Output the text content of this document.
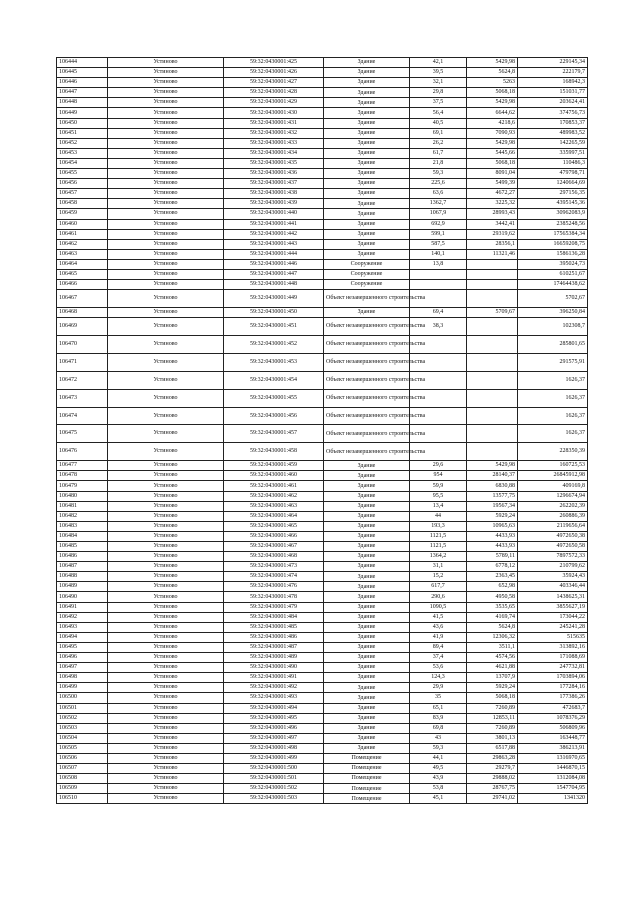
106444	Устиново	59:32:0430001:425	Здание	42,1	5429,98	229145,34
106445	Устиново	59:32:0430001:426	Здание	39,5	5624,8	222179,7
106446	Устиново	59:32:0430001:427	Здание	32,1	5263	168942,3
106447	Устиново	59:32:0430001:428	Здание	29,8	5068,18	151031,77
106448	Устиново	59:32:0430001:429	Здание	37,5	5429,98	203624,41
106449	Устиново	59:32:0430001:430	Здание	56,4	6644,62	374756,73
106450	Устиново	59:32:0430001:431	Здание	40,5	4218,6	170853,37
106451	Устиново	59:32:0430001:432	Здание	69,1	7090,93	489983,52
106452	Устиново	59:32:0430001:433	Здание	26,2	5429,98	142265,59
106453	Устиново	59:32:0430001:434	Здание	61,7	5445,66	335997,51
106454	Устиново	59:32:0430001:435	Здание	21,8	5068,18	110486,3
106455	Устиново	59:32:0430001:436	Здание	59,3	8091,04	479798,71
106456	Устиново	59:32:0430001:437	Здание	225,6	5499,39	1240664,69
106457	Устиново	59:32:0430001:438	Здание	63,6	4672,27	297156,35
106458	Устиново	59:32:0430001:439	Здание	1362,7	3225,32	4395145,36
106459	Устиново	59:32:0430001:440	Здание	1067,9	28993,43	30962083,9
106460	Устиново	59:32:0430001:441	Здание	692,9	3442,41	2385248,56
106461	Устиново	59:32:0430001:442	Здание	599,1	29319,62	17565384,34
106462	Устиново	59:32:0430001:443	Здание	587,5	28356,1	16659208,75
106463	Устиново	59:32:0430001:444	Здание	140,1	11321,46	1586136,28
106464	Устиново	59:32:0430001:446	Сооружение	13,8		395024,73
106465	Устиново	59:32:0430001:447	Сооружение			610251,67
106466	Устиново	59:32:0430001:448	Сооружение			17464438,62
106467	Устиново	59:32:0430001:449	Объект незавершенного строительства			5702,67
106468	Устиново	59:32:0430001:450	Здание	69,4	5709,67	396250,84
106469	Устиново	59:32:0430001:451	Объект незавершенного строительства	38,3		102308,7
106470	Устиново	59:32:0430001:452	Объект незавершенного строительства			285801,65
106471	Устиново	59:32:0430001:453	Объект незавершенного строительства			291575,91
106472	Устиново	59:32:0430001:454	Объект незавершенного строительства			1626,37
106473	Устиново	59:32:0430001:455	Объект незавершенного строительства			1626,37
106474	Устиново	59:32:0430001:456	Объект незавершенного строительства			1626,37
106475	Устиново	59:32:0430001:457	Объект незавершенного строительства			1626,37
106476	Устиново	59:32:0430001:458	Объект незавершенного строительства			228350,39
106477	Устиново	59:32:0430001:459	Здание	29,6	5429,98	160725,53
106478	Устиново	59:32:0430001:460	Здание	954	28140,37	26845912,98
106479	Устиново	59:32:0430001:461	Здание	59,9	6830,88	409169,8
106480	Устиново	59:32:0430001:462	Здание	95,5	13577,75	1296674,94
106481	Устиново	59:32:0430001:463	Здание	13,4	19567,34	262202,39
106482	Устиново	59:32:0430001:464	Здание	44	5929,24	260886,39
106483	Устиново	59:32:0430001:465	Здание	193,3	10965,63	2119656,64
106484	Устиново	59:32:0430001:466	Здание	1121,5	4433,93	4972650,38
106485	Устиново	59:32:0430001:467	Здание	1121,5	4433,93	4972650,58
106486	Устиново	59:32:0430001:468	Здание	1364,2	5789,11	7897572,33
106487	Устиново	59:32:0430001:473	Здание	31,1	6778,12	210799,62
106488	Устиново	59:32:0430001:474	Здание	15,2	2363,45	35924,43
106489	Устиново	59:32:0430001:476	Здание	617,7	652,98	403346,44
106490	Устиново	59:32:0430001:478	Здание	290,6	4950,58	1438625,31
106491	Устиново	59:32:0430001:479	Здание	1090,5	3535,65	3855627,19
106492	Устиново	59:32:0430001:484	Здание	41,5	4169,74	173044,22
106493	Устиново	59:32:0430001:485	Здание	43,6	5624,8	245241,28
106494	Устиново	59:32:0430001:486	Здание	41,9	12306,32	515635
106495	Устиново	59:32:0430001:487	Здание	89,4	3511,1	313892,16
106496	Устиново	59:32:0430001:489	Здание	37,4	4574,56	171088,69
106497	Устиново	59:32:0430001:490	Здание	53,6	4621,88	247732,81
106498	Устиново	59:32:0430001:491	Здание	124,3	13707,9	1703894,06
106499	Устиново	59:32:0430001:492	Здание	29,9	5929,24	177284,16
106500	Устиново	59:32:0430001:493	Здание	35	5068,18	177386,26
106501	Устиново	59:32:0430001:494	Здание	65,1	7260,89	472683,7
106502	Устиново	59:32:0430001:495	Здание	83,9	12853,11	1078376,29
106503	Устиново	59:32:0430001:496	Здание	69,8	7260,89	506809,96
106504	Устиново	59:32:0430001:497	Здание	43	3801,13	163448,77
106505	Устиново	59:32:0430001:498	Здание	59,3	6517,88	386213,91
106506	Устиново	59:32:0430001:499	Помещение	44,1	29863,28	1316970,65
106507	Устиново	59:32:0430001:500	Помещение	49,5	29279,7	1446870,15
106508	Устиново	59:32:0430001:501	Помещение	43,9	29888,02	1312084,08
106509	Устиново	59:32:0430001:502	Помещение	53,8	28767,75	1547704,95
106510	Устиново	59:32:0430001:503	Помещение	45,1	29741,02	1341320
